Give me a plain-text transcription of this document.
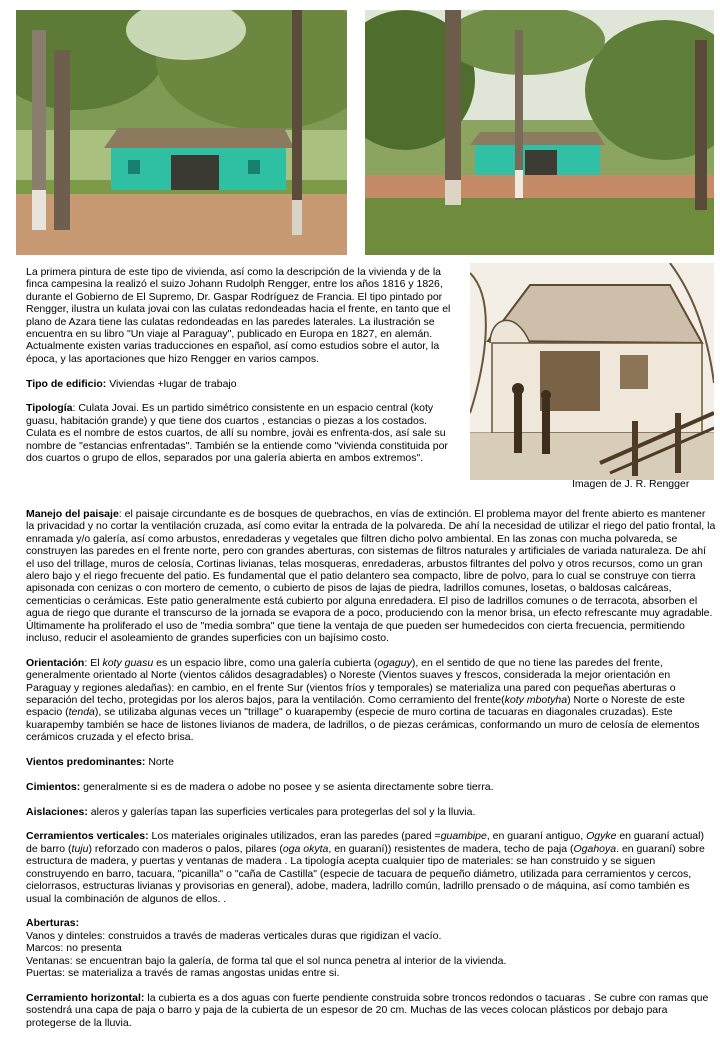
La primera pintura de este tipo de vivienda, así como la descripción de la vivienda y de la finca campesina la realizó el suizo Johann Rudolph Rengger, entre los años 1816 y 1826, durante el Gobierno de El Supremo, Dr. Gaspar Rodríguez de Francia. El tipo pintado por Rengger, ilustra un kulata jovai con las culatas redondeadas hacia el frente, en tanto que el plano de Azara tiene las culatas redondeadas en las paredes laterales. La ilustración se encuentra en su libro "Un viaje al Paraguay", publicado en Europa en 1827, en alemán. Actualmente existen varias traducciones en español, así como estudios sobre el autor, la época, y las aportaciones que hizo Rengger en varios campos.

Tipo de edificio: Viviendas +lugar de trabajo

Tipología: Culata Jovai. Es un partido simétrico consistente en un espacio central (koty guasu, habitación grande) y que tiene dos cuartos , estancias o piezas a los costados. Culata es el nombre de estos cuartos, de allí su nombre, jovài es enfrenta-dos, así sale su nombre de "estancias enfrentadas". También se la entiende como "vivienda constituida por dos cuartos o grupo de ellos, separados por una galería abierta en ambos extremos".

Imagen de J. R. Rengger

Manejo del paisaje: el paisaje circundante es de bosques de quebrachos, en vías de extinción. El problema mayor del frente abierto es mantener la privacidad y no cortar la ventilación cruzada, así como evitar la entrada de la polvareda. De ahí la necesidad de utilizar el riego del patio frontal, la enramada y/o galería, así como arbustos, enredaderas y vegetales que filtren dicho polvo ambiental. En las zonas con mucha polvareda, se construyen las paredes en el frente norte, pero con grandes aberturas, con sistemas de filtros naturales y artificiales de variada naturaleza. De ahí el uso del trillage, muros de celosía, Cortinas livianas, telas mosqueras, enredaderas, arbustos filtrantes del polvo y otros recursos, como un gran alero bajo y el riego frecuente del patio. Es fundamental que el patio delantero sea compacto, libre de polvo, para lo cual se construye con tierra apisonada con cenizas o con mortero de cemento, o cubierto de pisos de lajas de piedra, ladrillos comunes, losetas, o baldosas calcáreas, cementicias o cerámicas. Este patio generalmente está cubierto por alguna enredadera. El piso de ladrillos comunes o de terracota, absorben el agua de riego que durante el transcurso de la jornada se evapora de a poco, produciendo con la menor brisa, un efecto refrescante muy agradable. Últimamente ha proliferado el uso de "media sombra" que tiene la ventaja de que pueden ser humedecidos con cierta frecuencia, permitiendo incluso, reducir el asoleamiento de grandes superficies con un bajísimo costo.

Orientación: El koty guasu es un espacio libre, como una galería cubierta (ogaguy), en el sentido de que no tiene las paredes del frente, generalmente orientado al Norte (vientos cálidos desagradables) o Noreste (Vientos suaves y frescos, considerada la mejor orientación en Paraguay y regiones aledañas): en cambio, en el frente Sur (vientos fríos y temporales) se materializa una pared con pequeñas aberturas o separación del techo, protegidas por los aleros bajos, para la ventilación. Como cerramiento del frente(koty mbotyha) Norte o Noreste de este espacio (tenda), se utilizaba algunas veces un "trillage" o kuarapemby (especie de muro cortina de tacuaras en diagonales cruzadas). Este kuarapemby también se hace de listones livianos de madera, de ladrillos, o de piezas cerámicas, conformando un muro de celosía de elementos cerámicos cruzada y el efecto brisa.

Vientos predominantes: Norte

Cimientos: generalmente si es de madera o adobe no posee y se asienta directamente sobre tierra.

Aislaciones: aleros y galerías tapan las superficies verticales para protegerlas del sol y la lluvia.

Cerramientos verticales: Los materiales originales utilizados, eran las paredes (pared =guambipe, en guaraní antiguo, Ogyke en guaraní actual) de barro (tuju) reforzado con maderos o palos, pilares (oga okyta, en guaraní)) resistentes de madera, techo de paja (Ogahoya. en guaraní) sobre estructura de madera, y puertas y ventanas de madera . La tipología acepta cualquier tipo de materiales: se han construido y se siguen construyendo en barro, tacuara, "picanilla" o "caña de Castilla" (especie de tacuara de pequeño diámetro, utilizada para cerramientos y cercos, cielorrasos, estructuras livianas y provisorias en general), adobe, madera, ladrillo común, ladrillo prensado o de máquina, así como también es usual la combinación de algunos de ellos. .

Aberturas:
Vanos y dinteles: construidos a través de maderas verticales duras que rigidizan el vacío.
Marcos: no presenta
Ventanas: se encuentran bajo la galería, de forma tal que el sol nunca penetra al interior de la vivienda.
Puertas: se materializa a través de ramas angostas unidas entre si.

Cerramiento horizontal: la cubierta es a dos aguas con fuerte pendiente construida sobre troncos redondos o tacuaras . Se cubre con ramas que sostendrá una capa de paja o barro y paja de la cubierta de un espesor de 20 cm. Muchas de las veces colocan plásticos por debajo para protegerse de la lluvia.
